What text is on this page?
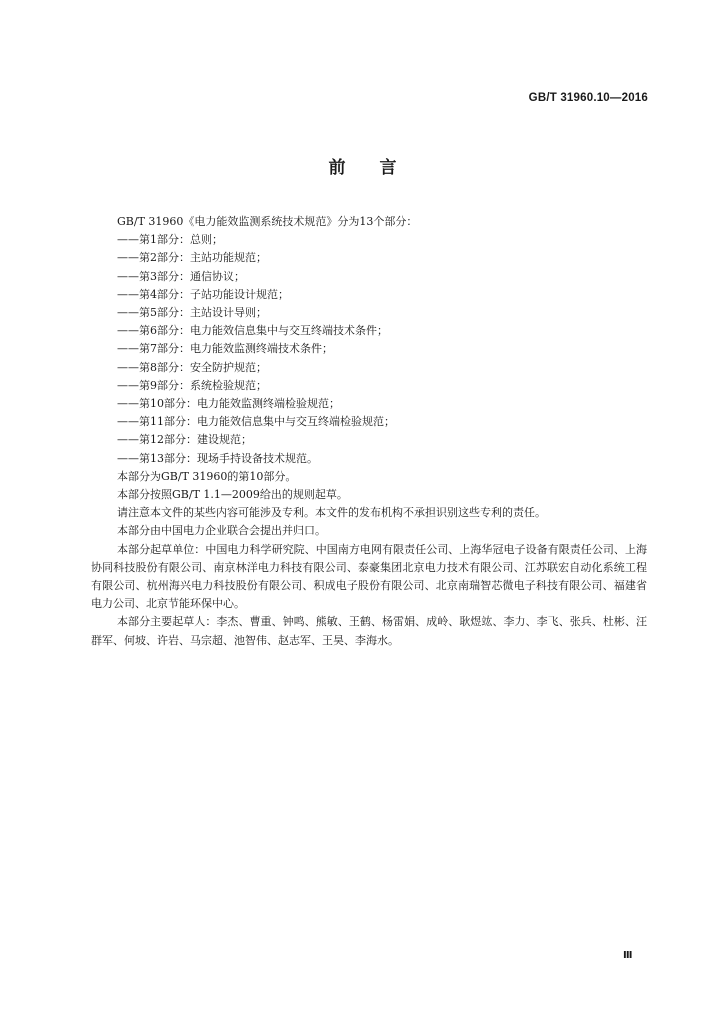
GB/T 31960.10—2016
前言
GB/T 31960《电力能效监测系统技术规范》分为13个部分：
——第1部分：总则；
——第2部分：主站功能规范；
——第3部分：通信协议；
——第4部分：子站功能设计规范；
——第5部分：主站设计导则；
——第6部分：电力能效信息集中与交互终端技术条件；
——第7部分：电力能效监测终端技术条件；
——第8部分：安全防护规范；
——第9部分：系统检验规范；
——第10部分：电力能效监测终端检验规范；
——第11部分：电力能效信息集中与交互终端检验规范；
——第12部分：建设规范；
——第13部分：现场手持设备技术规范。

本部分为GB/T 31960的第10部分。

本部分按照GB/T 1.1—2009给出的规则起草。

请注意本文件的某些内容可能涉及专利。本文件的发布机构不承担识别这些专利的责任。

本部分由中国电力企业联合会提出并归口。

本部分起草单位：中国电力科学研究院、中国南方电网有限责任公司、上海华冠电子设备有限责任公司、上海协同科技股份有限公司、南京林洋电力科技有限公司、泰豪集团北京电力技术有限公司、江苏联宏自动化系统工程有限公司、杭州海兴电力科技股份有限公司、积成电子股份有限公司、北京南瑞智芯微电子科技有限公司、福建省电力公司、北京节能环保中心。

本部分主要起草人：李杰、曹重、钟鸣、熊敏、王鹤、杨雷娟、成岭、耿煜竑、李力、李飞、张兵、杜彬、汪群军、何坡、许岩、马宗超、池智伟、赵志军、王昊、李海水。

Ⅲ
